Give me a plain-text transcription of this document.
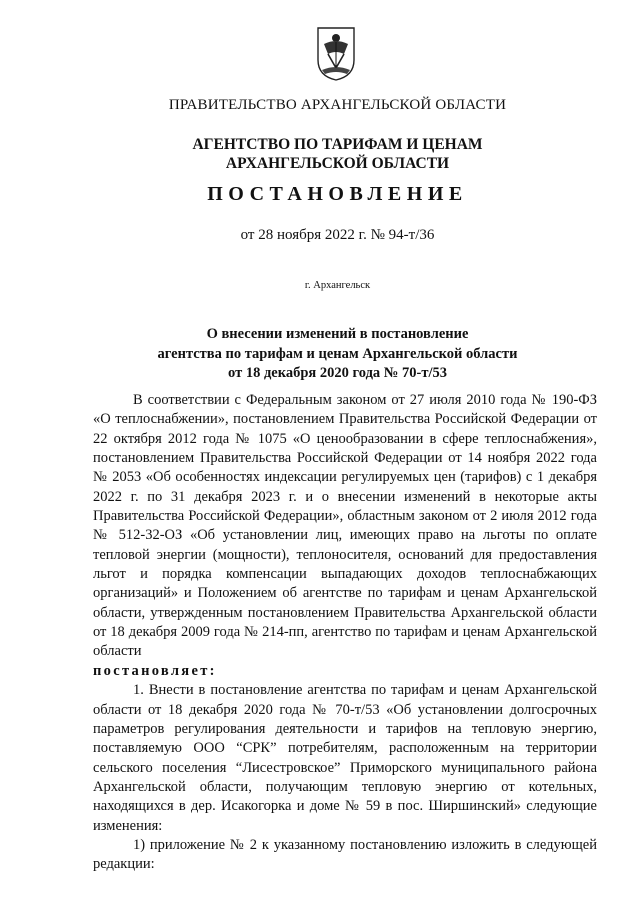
ПРАВИТЕЛЬСТВО АРХАНГЕЛЬСКОЙ ОБЛАСТИ
АГЕНТСТВО ПО ТАРИФАМ И ЦЕНАМ
АРХАНГЕЛЬСКОЙ ОБЛАСТИ
ПОСТАНОВЛЕНИЕ
от 28 ноября 2022 г. № 94-т/36
г. Архангельск
О внесении изменений в постановление
агентства по тарифам и ценам Архангельской области
от 18 декабря 2020 года № 70-т/53

В соответствии с Федеральным законом от 27 июля 2010 года № 190-ФЗ «О теплоснабжении», постановлением Правительства Российской Федерации от 22 октября 2012 года № 1075 «О ценообразовании в сфере теплоснабжения», постановлением Правительства Российской Федерации от 14 ноября 2022 года № 2053 «Об особенностях индексации регулируемых цен (тарифов) с 1 декабря 2022 г. по 31 декабря 2023 г. и о внесении изменений в некоторые акты Правительства Российской Федерации», областным законом от 2 июля 2012 года № 512-32-ОЗ «Об установлении лиц, имеющих право на льготы по оплате тепловой энергии (мощности), теплоносителя, оснований для предоставления льгот и порядка компенсации выпадающих доходов теплоснабжающих организаций» и Положением об агентстве по тарифам и ценам Архангельской области, утвержденным постановлением Правительства Архангельской области от 18 декабря 2009 года № 214-пп, агентство по тарифам и ценам Архангельской области

постановляет:

1. Внести в постановление агентства по тарифам и ценам Архангельской области от 18 декабря 2020 года № 70-т/53 «Об установлении долгосрочных параметров регулирования деятельности и тарифов на тепловую энергию, поставляемую ООО “СРК” потребителям, расположенным на территории сельского поселения “Лисестровское” Приморского муниципального района Архангельской области, получающим тепловую энергию от котельных, находящихся в дер. Исакогорка и доме № 59 в пос. Ширшинский» следующие изменения:

1) приложение № 2 к указанному постановлению изложить в следующей редакции:
